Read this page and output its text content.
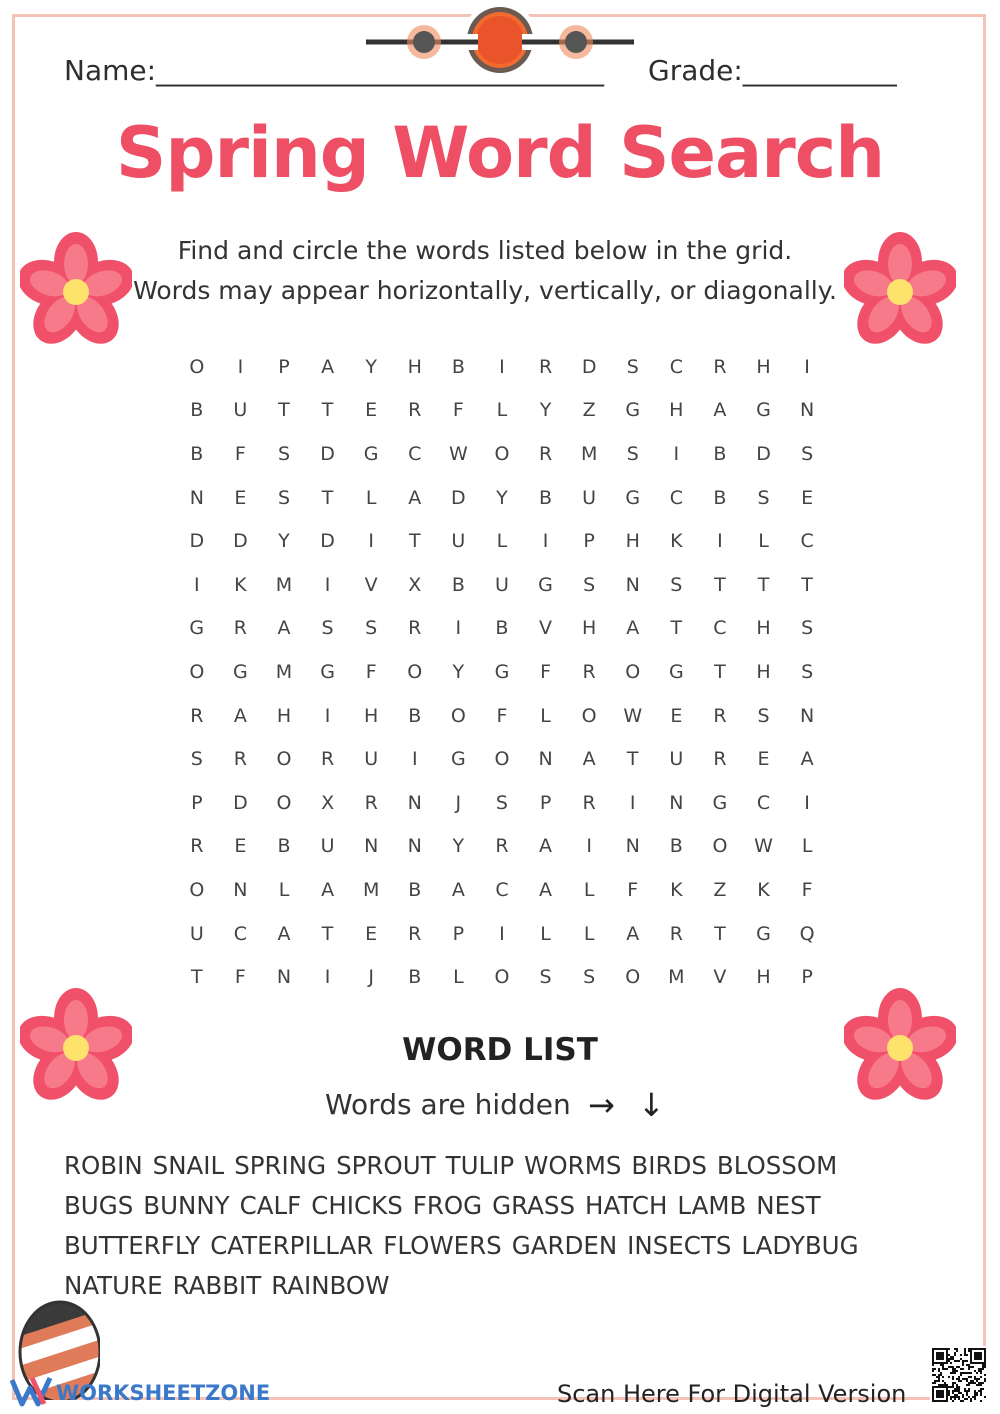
Name:________________________________ Grade:___________
Spring Word Search
Find and circle the words listed below in the grid.
Words may appear horizontally, vertically, or diagonally.
O	I	P	A	Y	H	B	I	R	D	S	C	R	H	I
B	U	T	T	E	R	F	L	Y	Z	G	H	A	G	N
B	F	S	D	G	C	W	O	R	M	S	I	B	D	S
N	E	S	T	L	A	D	Y	B	U	G	C	B	S	E
D	D	Y	D	I	T	U	L	I	P	H	K	I	L	C
I	K	M	I	V	X	B	U	G	S	N	S	T	T	T
G	R	A	S	S	R	I	B	V	H	A	T	C	H	S
O	G	M	G	F	O	Y	G	F	R	O	G	T	H	S
R	A	H	I	H	B	O	F	L	O	W	E	R	S	N
S	R	O	R	U	I	G	O	N	A	T	U	R	E	A
P	D	O	X	R	N	J	S	P	R	I	N	G	C	I
R	E	B	U	N	N	Y	R	A	I	N	B	O	W	L
O	N	L	A	M	B	A	C	A	L	F	K	Z	K	F
U	C	A	T	E	R	P	I	L	L	A	R	T	G	Q
T	F	N	I	J	B	L	O	S	S	O	M	V	H	P
WORD LIST
Words are hidden → ↓
ROBIN SNAIL SPRING SPROUT TULIP WORMS BIRDS BLOSSOM
BUGS BUNNY CALF CHICKS FROG GRASS HATCH LAMB NEST
BUTTERFLY CATERPILLAR FLOWERS GARDEN INSECTS LADYBUG
NATURE RABBIT RAINBOW
WORKSHEETZONE	Scan Here For Digital Version
